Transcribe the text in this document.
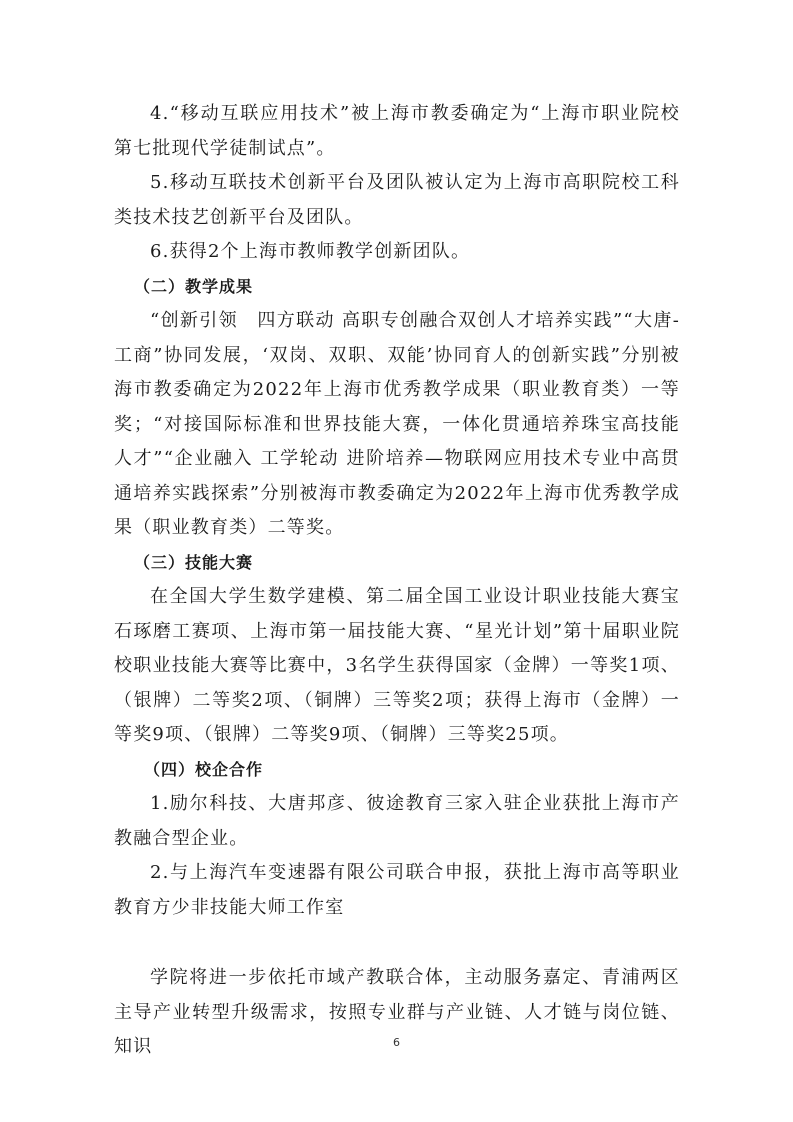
4.“移动互联应用技术”被上海市教委确定为“上海市职业院校第七批现代学徒制试点”。

5.移动互联技术创新平台及团队被认定为上海市高职院校工科类技术技艺创新平台及团队。

6.获得2个上海市教师教学创新团队。

（二）教学成果

“创新引领　四方联动 高职专创融合双创人才培养实践”“大唐-工商”协同发展，‘双岗、双职、双能’协同育人的创新实践”分别被海市教委确定为2022年上海市优秀教学成果（职业教育类）一等奖；“对接国际标准和世界技能大赛，一体化贯通培养珠宝高技能人才”“企业融入 工学轮动 进阶培养—物联网应用技术专业中高贯通培养实践探索”分别被海市教委确定为2022年上海市优秀教学成果（职业教育类）二等奖。

（三）技能大赛

在全国大学生数学建模、第二届全国工业设计职业技能大赛宝石琢磨工赛项、上海市第一届技能大赛、“星光计划”第十届职业院校职业技能大赛等比赛中，3名学生获得国家（金牌）一等奖1项、（银牌）二等奖2项、（铜牌）三等奖2项；获得上海市（金牌）一等奖9项、（银牌）二等奖9项、（铜牌）三等奖25项。

（四）校企合作

1.励尔科技、大唐邦彦、彼途教育三家入驻企业获批上海市产教融合型企业。

2.与上海汽车变速器有限公司联合申报，获批上海市高等职业教育方少非技能大师工作室

学院将进一步依托市域产教联合体，主动服务嘉定、青浦两区主导产业转型升级需求，按照专业群与产业链、人才链与岗位链、知识	6
